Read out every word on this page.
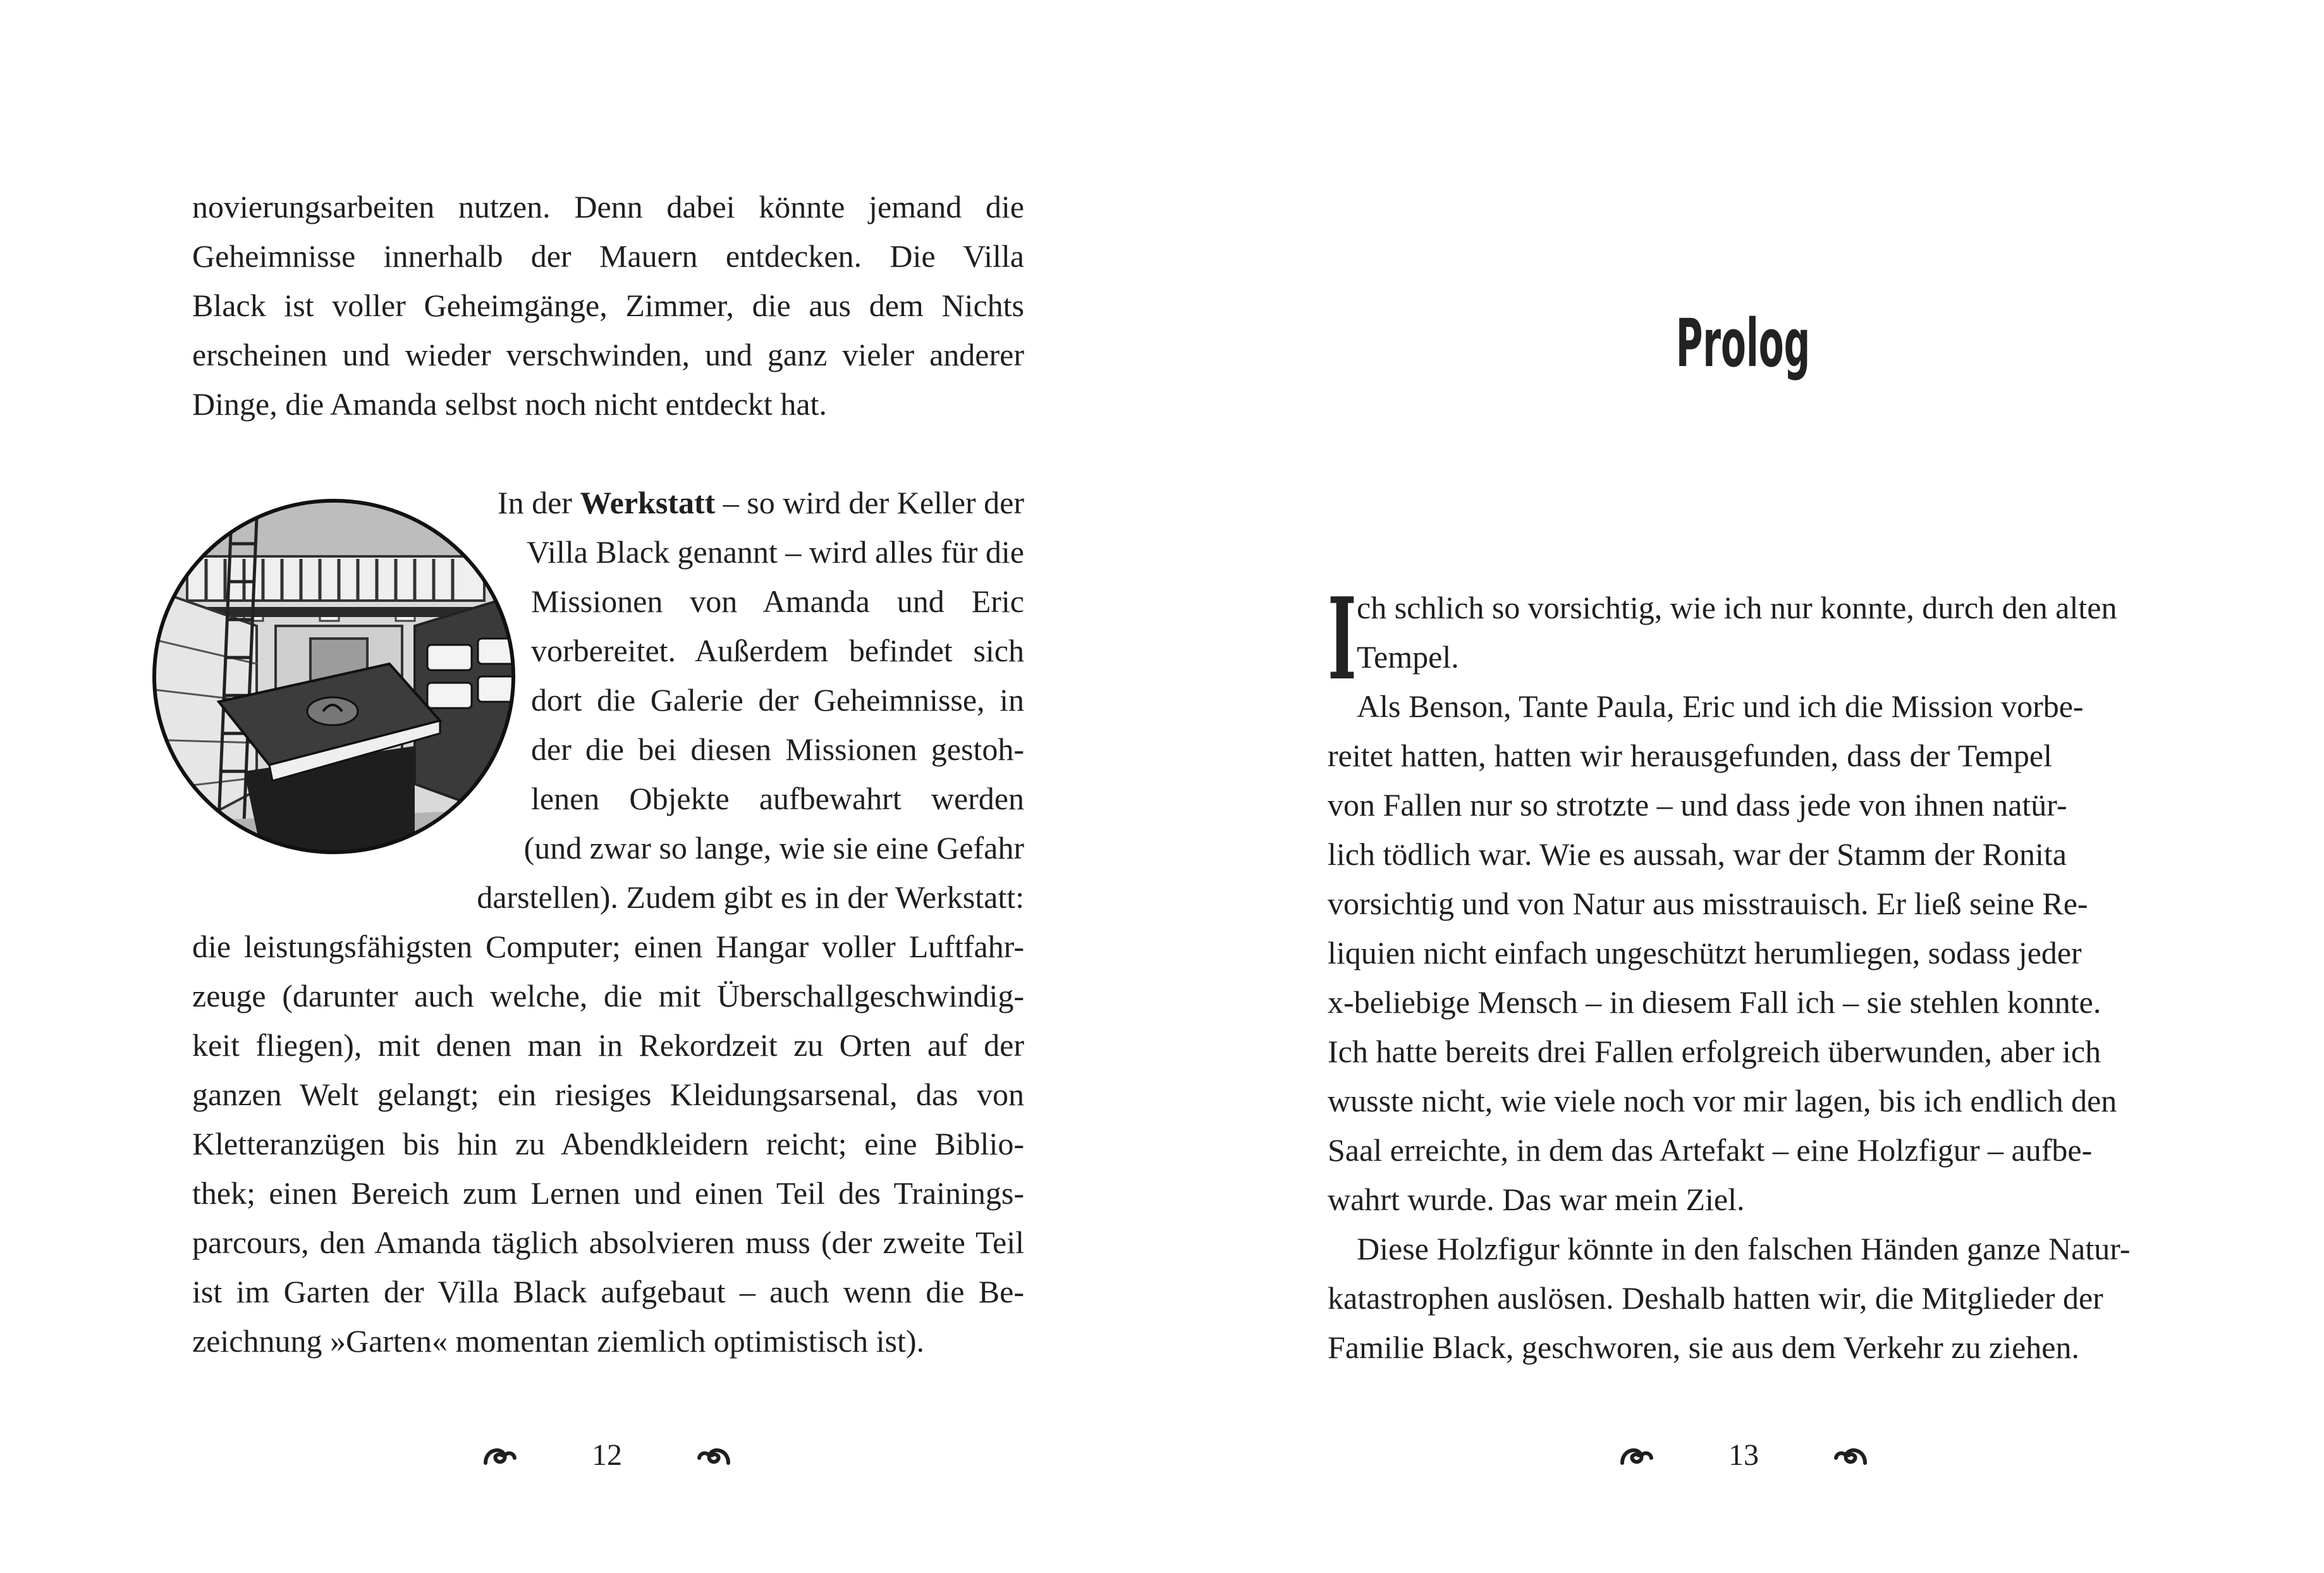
novierungsarbeiten nutzen. Denn dabei könnte jemand die
Geheimnisse innerhalb der Mauern entdecken. Die Villa
Black ist voller Geheimgänge, Zimmer, die aus dem Nichts
erscheinen und wieder verschwinden, und ganz vieler anderer
Dinge, die Amanda selbst noch nicht entdeckt hat.
In der Werkstatt – so wird der Keller der
Villa Black genannt – wird alles für die
Missionen von Amanda und Eric
vorbereitet. Außerdem befindet sich
dort die Galerie der Geheimnisse, in
der die bei diesen Missionen gestoh-
lenen Objekte aufbewahrt werden
(und zwar so lange, wie sie eine Gefahr
darstellen). Zudem gibt es in der Werkstatt:
die leistungsfähigsten Computer; einen Hangar voller Luftfahr-
zeuge (darunter auch welche, die mit Überschallgeschwindig-
keit fliegen), mit denen man in Rekordzeit zu Orten auf der
ganzen Welt gelangt; ein riesiges Kleidungsarsenal, das von
Kletteranzügen bis hin zu Abendkleidern reicht; eine Biblio-
thek; einen Bereich zum Lernen und einen Teil des Trainings-
parcours, den Amanda täglich absolvieren muss (der zweite Teil
ist im Garten der Villa Black aufgebaut – auch wenn die Be-
zeichnung »Garten« momentan ziemlich optimistisch ist).
12
Prolog
I ch schlich so vorsichtig, wie ich nur konnte, durch den alten
Tempel.
Als Benson, Tante Paula, Eric und ich die Mission vorbe-
reitet hatten, hatten wir herausgefunden, dass der Tempel
von Fallen nur so strotzte – und dass jede von ihnen natür-
lich tödlich war. Wie es aussah, war der Stamm der Ronita
vorsichtig und von Natur aus misstrauisch. Er ließ seine Re-
liquien nicht einfach ungeschützt herumliegen, sodass jeder
x-beliebige Mensch – in diesem Fall ich – sie stehlen konnte.
Ich hatte bereits drei Fallen erfolgreich überwunden, aber ich
wusste nicht, wie viele noch vor mir lagen, bis ich endlich den
Saal erreichte, in dem das Artefakt – eine Holzfigur – aufbe-
wahrt wurde. Das war mein Ziel.
Diese Holzfigur könnte in den falschen Händen ganze Natur-
katastrophen auslösen. Deshalb hatten wir, die Mitglieder der
Familie Black, geschworen, sie aus dem Verkehr zu ziehen.
13
